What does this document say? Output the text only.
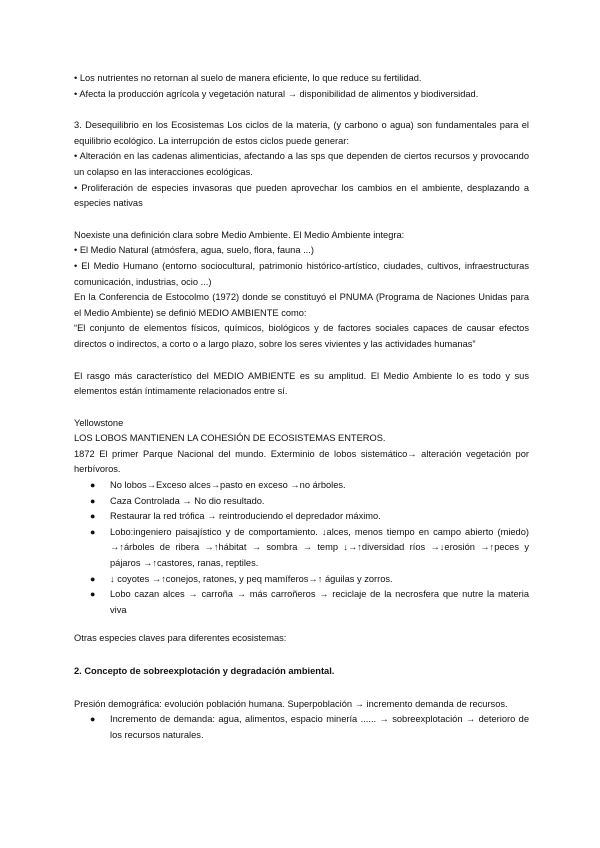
• Los nutrientes no retornan al suelo de manera eficiente, lo que reduce su fertilidad.

• Afecta la producción agrícola y vegetación natural → disponibilidad de alimentos y biodiversidad.

3. Desequilibrio en los Ecosistemas Los ciclos de la materia, (y carbono o agua) son fundamentales para el equilibrio ecológico. La interrupción de estos ciclos puede generar:

• Alteración en las cadenas alimenticias, afectando a las sps que dependen de ciertos recursos y provocando un colapso en las interacciones ecológicas.

• Proliferación de especies invasoras que pueden aprovechar los cambios en el ambiente, desplazando a especies nativas

Noexiste una definición clara sobre Medio Ambiente. El Medio Ambiente integra:

• El Medio Natural (atmósfera, agua, suelo, flora, fauna ...)

• El Medio Humano (entorno sociocultural, patrimonio histórico-artístico, ciudades, cultivos, infraestructuras comunicación, industrias, ocio ...)

En la Conferencia de Estocolmo (1972) donde se constituyó el PNUMA (Programa de Naciones Unidas para el Medio Ambiente) se definió MEDIO AMBIENTE como:

“El conjunto de elementos físicos, químicos, biológicos y de factores sociales capaces de causar efectos directos o indirectos, a corto o a largo plazo, sobre los seres vivientes y las actividades humanas”

El rasgo más característico del MEDIO AMBIENTE es su amplitud. El Medio Ambiente lo es todo y sus elementos están íntimamente relacionados entre sí.

Yellowstone

LOS LOBOS MANTIENEN LA COHESIÓN DE ECOSISTEMAS ENTEROS.

1872 El primer Parque Nacional del mundo. Exterminio de lobos sistemático→ alteración vegetación por herbívoros.

● No lobos→Exceso alces→pasto en exceso →no árboles.
● Caza Controlada → No dio resultado.
● Restaurar la red trófica → reintroduciendo el depredador máximo.
● Lobo:ingeniero paisajístico y de comportamiento. ↓alces, menos tiempo en campo abierto (miedo) →↑árboles de ribera →↑hábitat → sombra → temp ↓→↑diversidad ríos →↓erosión →↑peces y pájaros →↑castores, ranas, reptiles.
● ↓ coyotes →↑conejos, ratones, y peq mamíferos→↑ águilas y zorros.
● Lobo cazan alces → carroña → más carroñeros → reciclaje de la necrosfera que nutre la materia viva

Otras especies claves para diferentes ecosistemas:

2. Concepto de sobreexplotación y degradación ambiental.

Presión demográfica: evolución población humana. Superpoblación → incremento demanda de recursos.

● Incremento de demanda: agua, alimentos, espacio minería ...... → sobreexplotación → deterioro de los recursos naturales.
